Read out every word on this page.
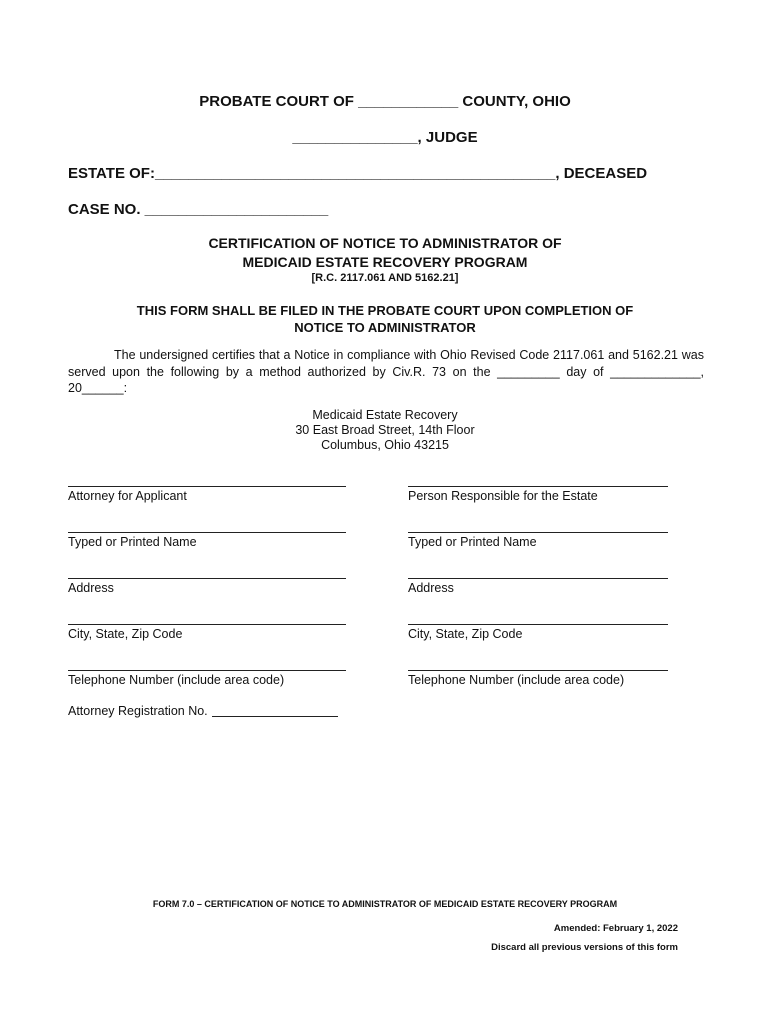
PROBATE COURT OF ____________ COUNTY, OHIO
_______________, JUDGE
ESTATE OF:________________________________________________, DECEASED
CASE NO. ______________________
CERTIFICATION OF NOTICE TO ADMINISTRATOR OF
MEDICAID ESTATE RECOVERY PROGRAM
[R.C. 2117.061 AND 5162.21]
THIS FORM SHALL BE FILED IN THE PROBATE COURT UPON COMPLETION OF
NOTICE TO ADMINISTRATOR
The undersigned certifies that a Notice in compliance with Ohio Revised Code 2117.061 and 5162.21 was served upon the following by a method authorized by Civ.R. 73 on the _________ day of _____________, 20______:
Medicaid Estate Recovery
30 East Broad Street, 14th Floor
Columbus, Ohio 43215
Attorney for Applicant	Person Responsible for the Estate
Typed or Printed Name	Typed or Printed Name
Address	Address
City, State, Zip Code	City, State, Zip Code
Telephone Number (include area code)	Telephone Number (include area code)
Attorney Registration No.
FORM 7.0 – CERTIFICATION OF NOTICE TO ADMINISTRATOR OF MEDICAID ESTATE RECOVERY PROGRAM
Amended: February 1, 2022
Discard all previous versions of this form
